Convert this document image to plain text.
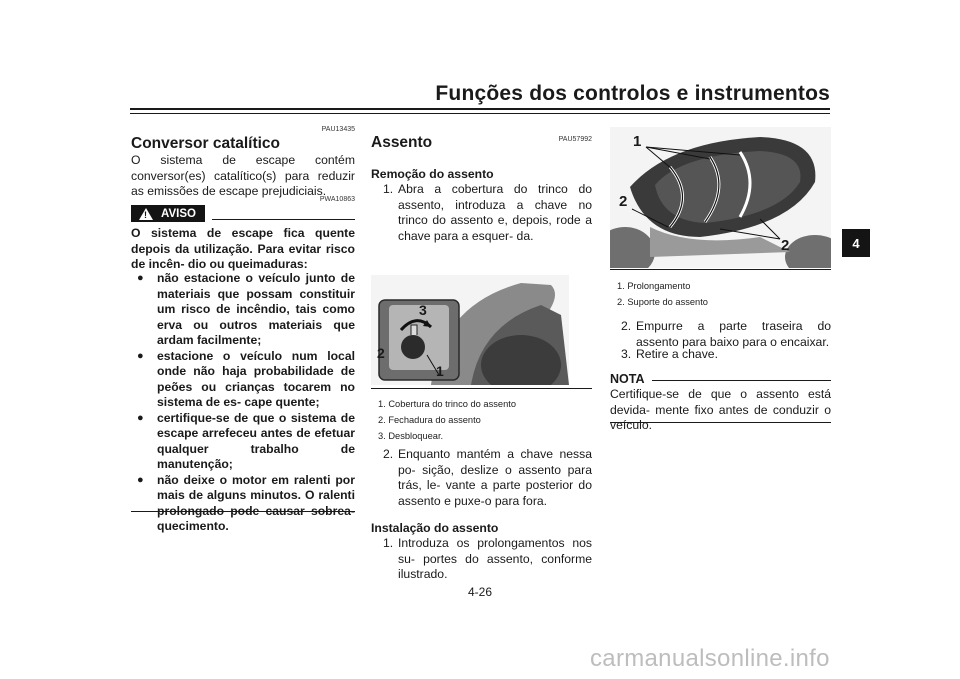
Funções dos controlos e instrumentos
4
PAU13435
Conversor catalítico
O sistema de escape contém conversor(es) catalítico(s) para reduzir as emissões de escape prejudiciais.
PWA10863
! AVISO
O sistema de escape fica quente depois da utilização. Para evitar risco de incên- dio ou queimaduras:
● não estacione o veículo junto de materiais que possam constituir um risco de incêndio, tais como erva ou outros materiais que ardam facilmente;
● estacione o veículo num local onde não haja probabilidade de peões ou crianças tocarem no sistema de es- cape quente;
● certifique-se de que o sistema de escape arrefeceu antes de efetuar qualquer trabalho de manutenção;
● não deixe o motor em ralenti por mais de alguns minutos. O ralenti prolongado pode causar sobrea- quecimento.
PAU57992
Assento
Remoção do assento
1. Abra a cobertura do trinco do assento, introduza a chave no trinco do assento e, depois, rode a chave para a esquer- da.
3
2
1
1. Cobertura do trinco do assento
2. Fechadura do assento
3. Desbloquear.
2. Enquanto mantém a chave nessa po- sição, deslize o assento para trás, le- vante a parte posterior do assento e puxe-o para fora.
Instalação do assento
1. Introduza os prolongamentos nos su- portes do assento, conforme ilustrado.
1
2
2
1. Prolongamento
2. Suporte do assento
2. Empurre a parte traseira do assento para baixo para o encaixar.
3. Retire a chave.
NOTA
Certifique-se de que o assento está devida- mente fixo antes de conduzir o veículo.
4-26
carmanualsonline.info
